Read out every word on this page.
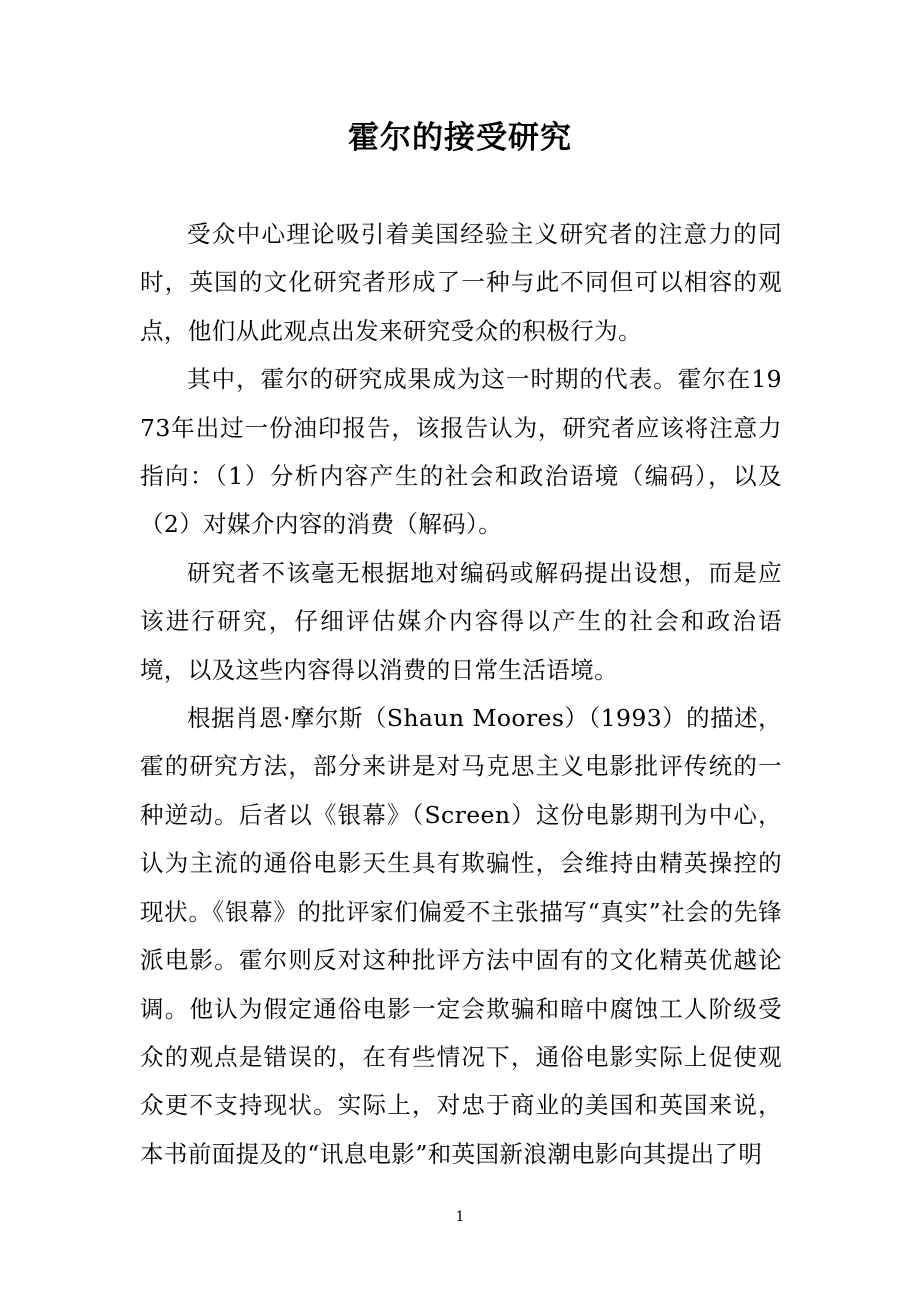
霍尔的接受研究

受众中心理论吸引着美国经验主义研究者的注意力的同时，英国的文化研究者形成了一种与此不同但可以相容的观点，他们从此观点出发来研究受众的积极行为。

其中，霍尔的研究成果成为这一时期的代表。霍尔在1973年出过一份油印报告，该报告认为，研究者应该将注意力指向：（1）分析内容产生的社会和政治语境（编码），以及（2）对媒介内容的消费（解码）。

研究者不该毫无根据地对编码或解码提出设想，而是应该进行研究，仔细评估媒介内容得以产生的社会和政治语境，以及这些内容得以消费的日常生活语境。

根据肖恩·摩尔斯（Shaun Moores）（1993）的描述，霍的研究方法，部分来讲是对马克思主义电影批评传统的一种逆动。后者以《银幕》（Screen）这份电影期刊为中心，认为主流的通俗电影天生具有欺骗性，会维持由精英操控的现状。《银幕》的批评家们偏爱不主张描写“真实”社会的先锋派电影。霍尔则反对这种批评方法中固有的文化精英优越论调。他认为假定通俗电影一定会欺骗和暗中腐蚀工人阶级受众的观点是错误的，在有些情况下，通俗电影实际上促使观众更不支持现状。实际上，对忠于商业的美国和英国来说，本书前面提及的“讯息电影”和英国新浪潮电影向其提出了明

1
